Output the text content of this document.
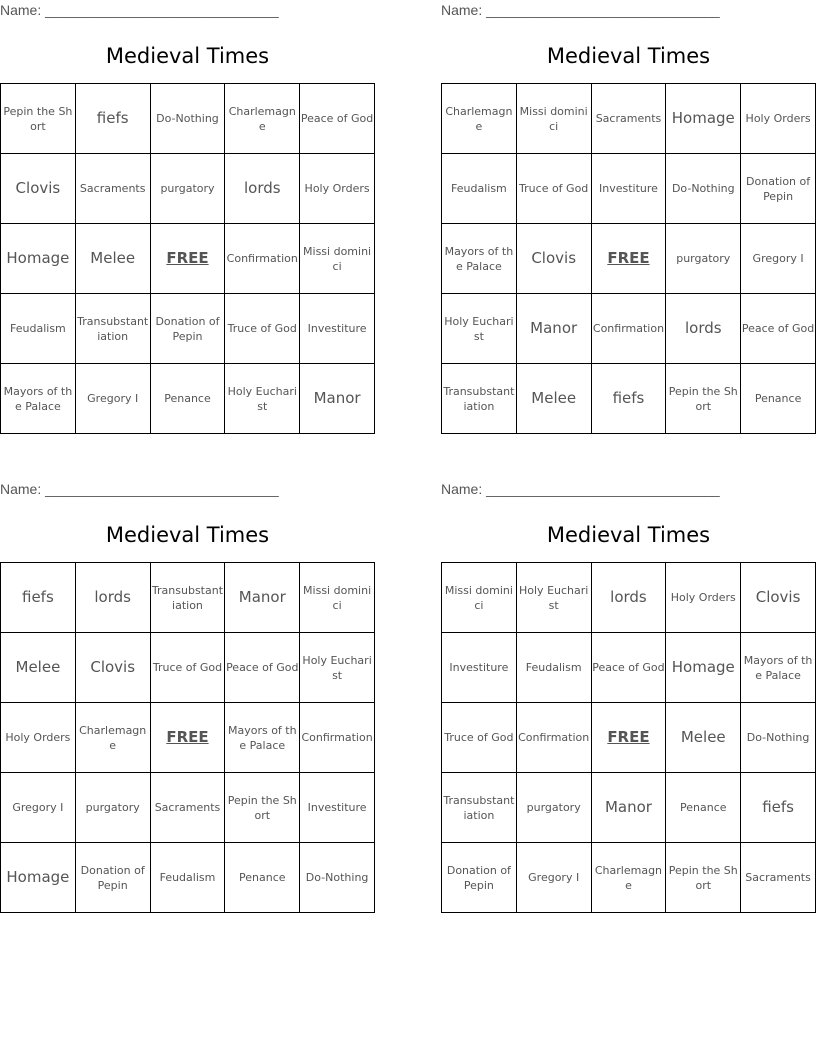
Name: ______________________________
Medieval Times
Pepin the Short	fiefs	Do-Nothing	Charlemagne	Peace of God
Clovis	Sacraments	purgatory	lords	Holy Orders
Homage	Melee	FREE	Confirmation	Missi dominici
Feudalism	Transubstantiation	Donation of Pepin	Truce of God	Investiture
Mayors of the Palace	Gregory I	Penance	Holy Eucharist	Manor
Name: ______________________________
Medieval Times
Charlemagne	Missi dominici	Sacraments	Homage	Holy Orders
Feudalism	Truce of God	Investiture	Do-Nothing	Donation of Pepin
Mayors of the Palace	Clovis	FREE	purgatory	Gregory I
Holy Eucharist	Manor	Confirmation	lords	Peace of God
Transubstantiation	Melee	fiefs	Pepin the Short	Penance
Name: ______________________________
Medieval Times
fiefs	lords	Transubstantiation	Manor	Missi dominici
Melee	Clovis	Truce of God	Peace of God	Holy Eucharist
Holy Orders	Charlemagne	FREE	Mayors of the Palace	Confirmation
Gregory I	purgatory	Sacraments	Pepin the Short	Investiture
Homage	Donation of Pepin	Feudalism	Penance	Do-Nothing
Name: ______________________________
Medieval Times
Missi dominici	Holy Eucharist	lords	Holy Orders	Clovis
Investiture	Feudalism	Peace of God	Homage	Mayors of the Palace
Truce of God	Confirmation	FREE	Melee	Do-Nothing
Transubstantiation	purgatory	Manor	Penance	fiefs
Donation of Pepin	Gregory I	Charlemagne	Pepin the Short	Sacraments
